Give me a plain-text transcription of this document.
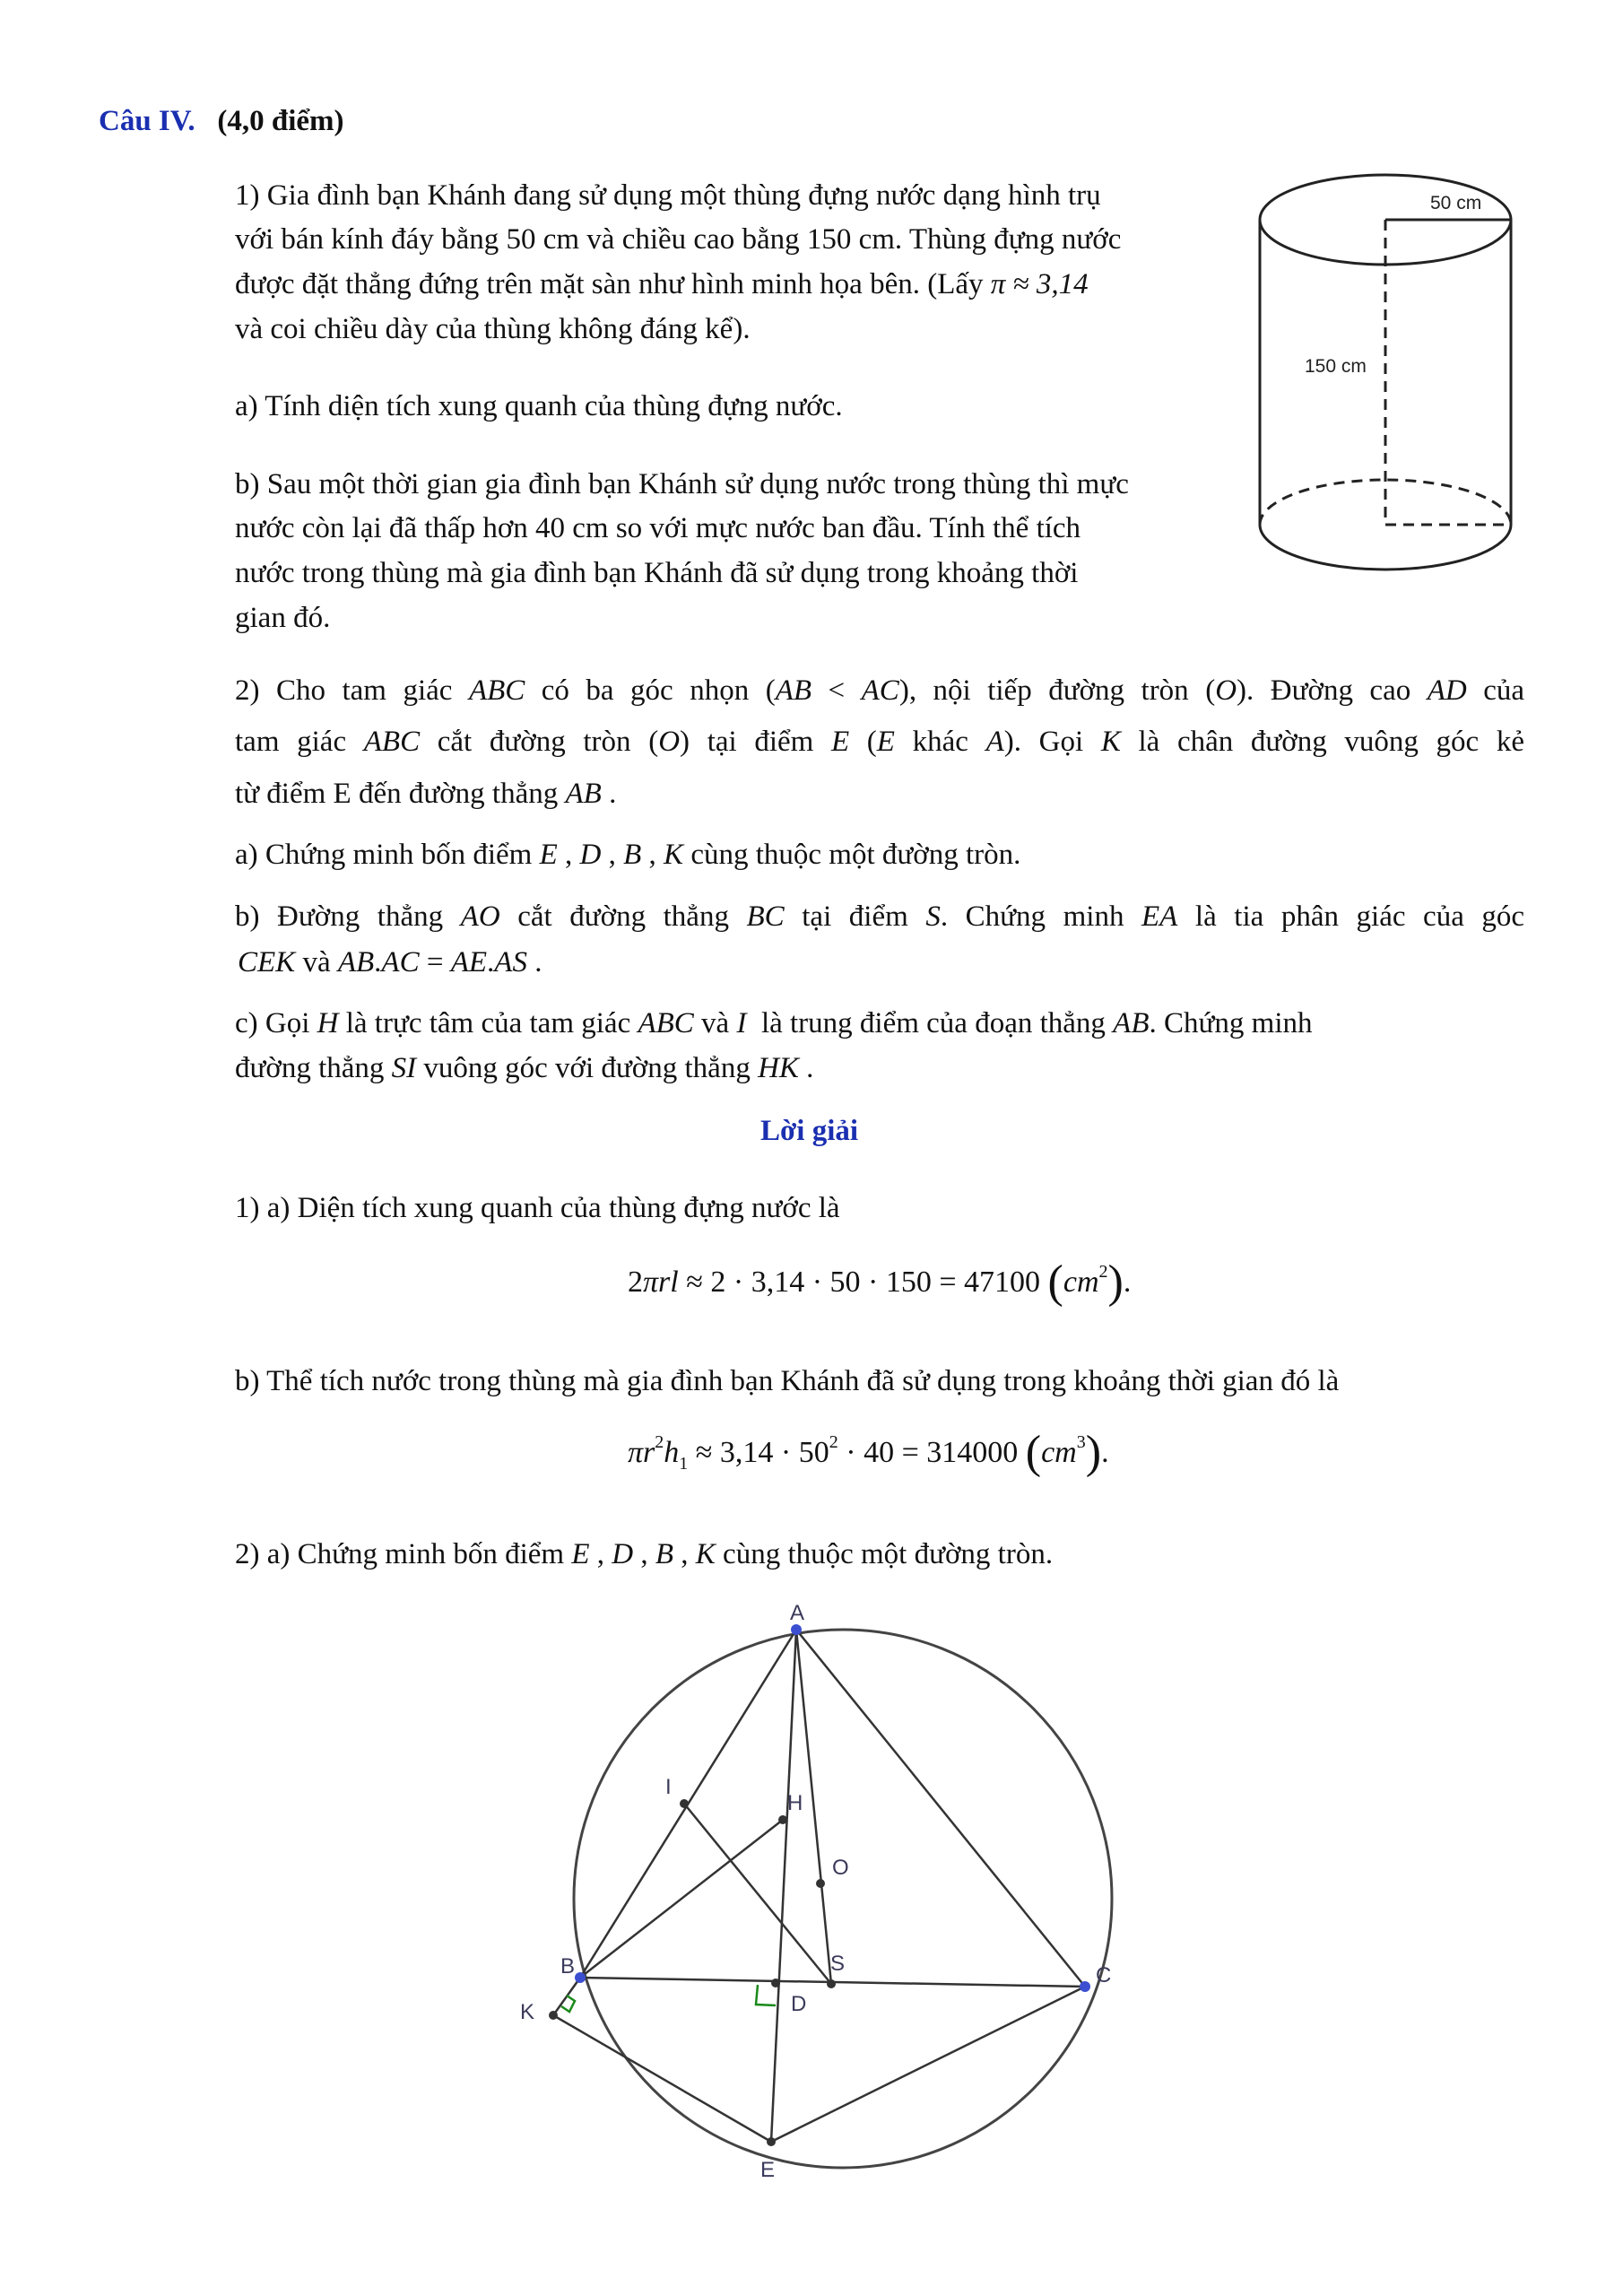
Câu IV. (4,0 điểm)
1) Gia đình bạn Khánh đang sử dụng một thùng đựng nước dạng hình trụ
với bán kính đáy bằng 50 cm và chiều cao bằng 150 cm. Thùng đựng nước
được đặt thẳng đứng trên mặt sàn như hình minh họa bên. (Lấy π ≈ 3,14
và coi chiều dày của thùng không đáng kể).
a) Tính diện tích xung quanh của thùng đựng nước.
b) Sau một thời gian gia đình bạn Khánh sử dụng nước trong thùng thì mực
nước còn lại đã thấp hơn 40 cm so với mực nước ban đầu. Tính thể tích
nước trong thùng mà gia đình bạn Khánh đã sử dụng trong khoảng thời
gian đó.
50 cm
150 cm
2) Cho tam giác ABC có ba góc nhọn (AB < AC), nội tiếp đường tròn (O). Đường cao AD của
tam giác ABC cắt đường tròn (O) tại điểm E (E khác A). Gọi K là chân đường vuông góc kẻ
từ điểm E đến đường thẳng AB .
a) Chứng minh bốn điểm E , D , B , K cùng thuộc một đường tròn.
b) Đường thẳng AO cắt đường thẳng BC tại điểm S. Chứng minh EA là tia phân giác của góc
CEK và AB.AC = AE.AS .
c) Gọi H là trực tâm của tam giác ABC và I là trung điểm của đoạn thẳng AB. Chứng minh
đường thẳng SI vuông góc với đường thẳng HK .
Lời giải
1) a) Diện tích xung quanh của thùng đựng nước là
2πrl ≈ 2 · 3,14 · 50 · 150 = 47100 $(cm^2)$.
b) Thể tích nước trong thùng mà gia đình bạn Khánh đã sử dụng trong khoảng thời gian đó là
$\pi r^2h_1 \approx 3,14 \cdot 50^2 \cdot 40 = 314000$ $(cm^3)$.
2) a) Chứng minh bốn điểm E , D , B , K cùng thuộc một đường tròn.
A
I
H
O
B	S	C
K	D
E
